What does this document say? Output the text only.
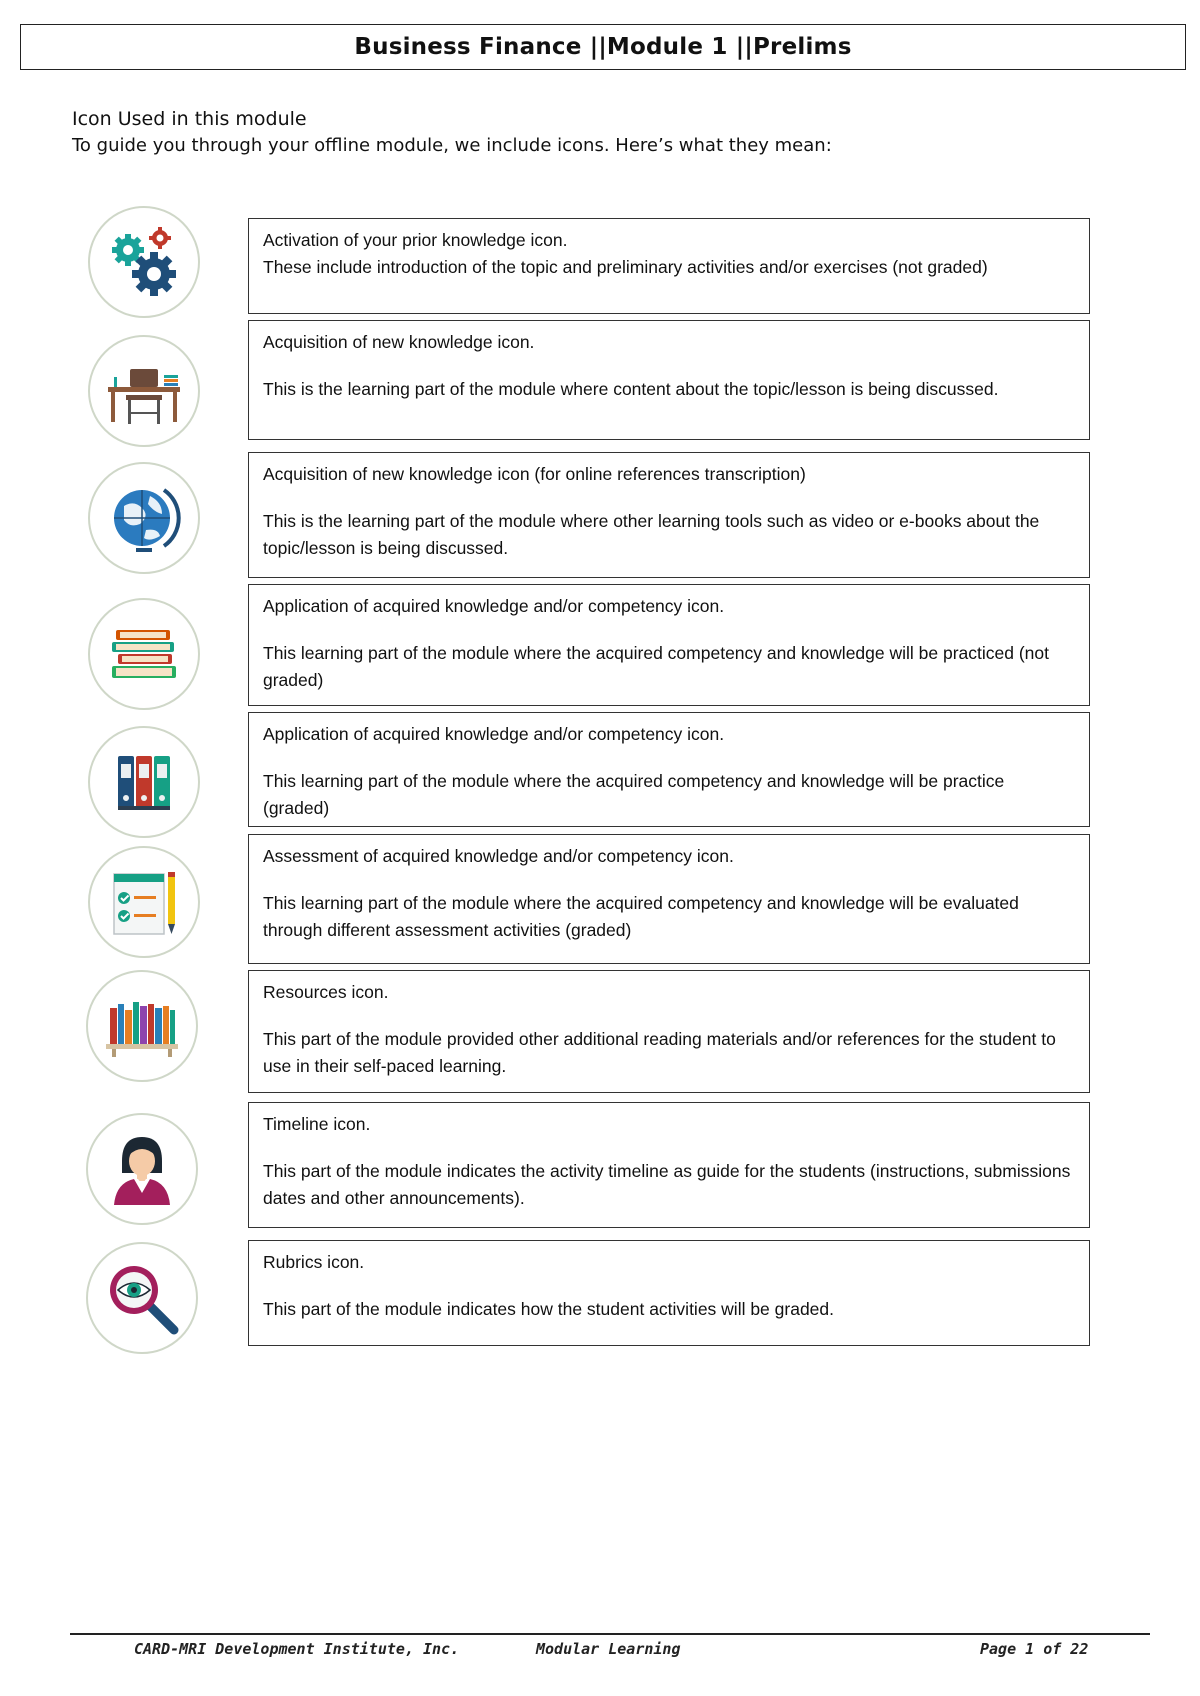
Business Finance ||Module 1 ||Prelims
Icon Used in this module
To guide you through your offline module, we include icons. Here’s what they mean:
Activation of your prior knowledge icon.
These include introduction of the topic and preliminary activities and/or exercises (not graded)
Acquisition of new knowledge icon.
This is the learning part of the module where content about the topic/lesson is being discussed.
Acquisition of new knowledge icon (for online references transcription)
This is the learning part of the module where other learning tools such as video or e-books about the topic/lesson is being discussed.
Application of acquired knowledge and/or competency icon.
This learning part of the module where the acquired competency and knowledge will be practiced (not graded)
Application of acquired knowledge and/or competency icon.
This learning part of the module where the acquired competency and knowledge will be practice (graded)
Assessment of acquired knowledge and/or competency icon.
This learning part of the module where the acquired competency and knowledge will be evaluated through different assessment activities (graded)
Resources icon.
This part of the module provided other additional reading materials and/or references for the student to use in their self-paced learning.
Timeline icon.
This part of the module indicates the activity timeline as guide for the students (instructions, submissions dates and other announcements).
Rubrics icon.
This part of the module indicates how the student activities will be graded.
CARD-MRI Development Institute, Inc.	Modular Learning	Page 1 of 22
